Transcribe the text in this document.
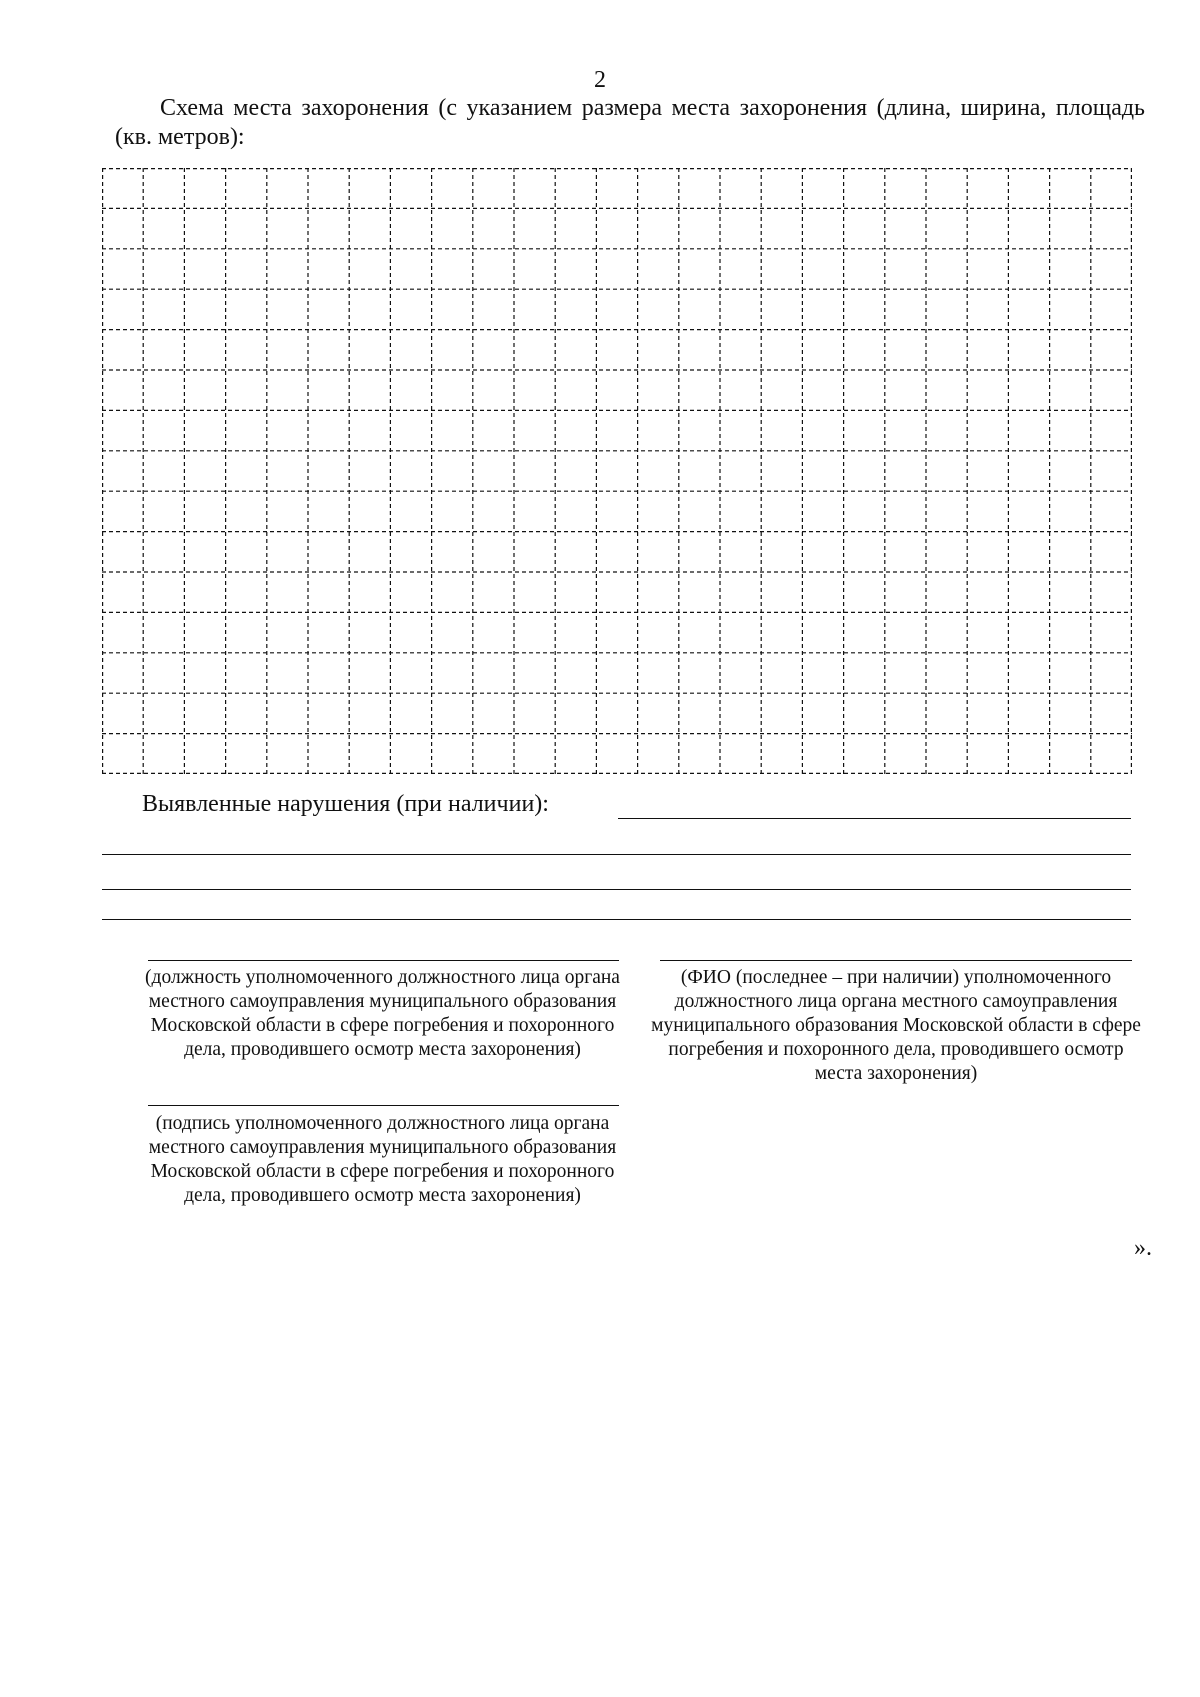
2
Схема места захоронения (с указанием размера места захоронения (длина, ширина, площадь (кв. метров):
Выявленные нарушения (при наличии):
(должность уполномоченного должностного лица органа местного самоуправления муниципального образования Московской области в сфере погребения и похоронного дела, проводившего осмотр места захоронения)
(ФИО (последнее – при наличии) уполномоченного должностного лица органа местного самоуправления муниципального образования Московской области в сфере погребения и похоронного дела, проводившего осмотр места захоронения)
(подпись уполномоченного должностного лица органа местного самоуправления муниципального образования Московской области в сфере погребения и похоронного дела, проводившего осмотр места захоронения)
».
